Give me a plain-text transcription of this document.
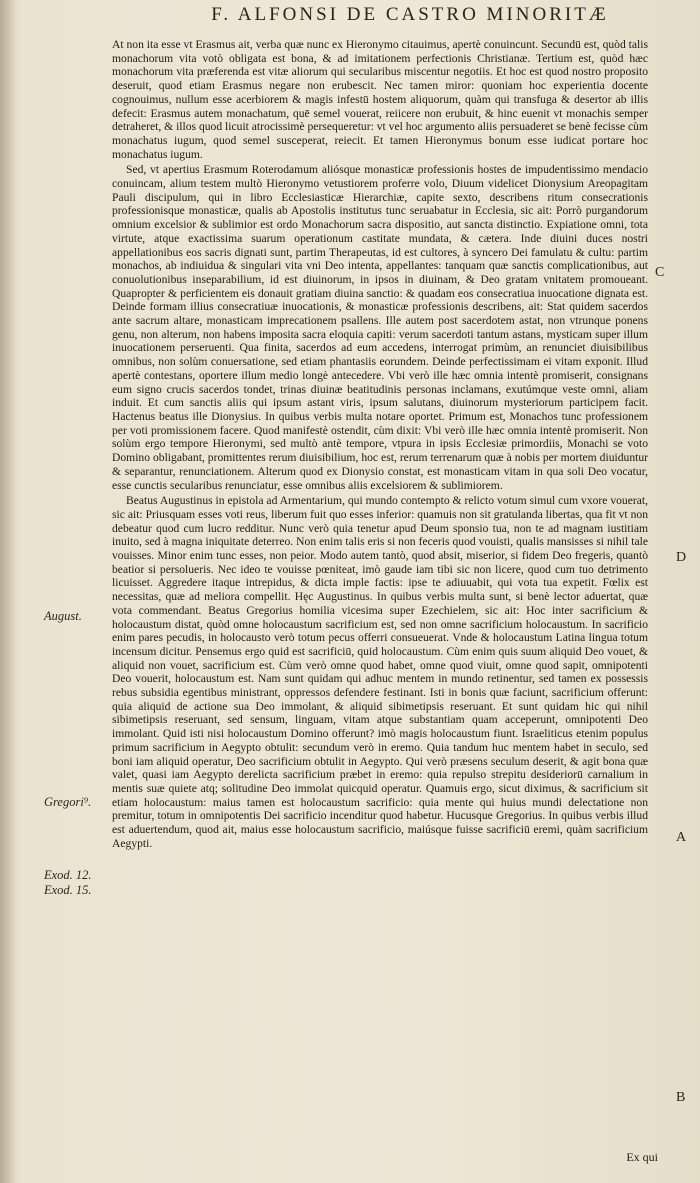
F. ALFONSI DE CASTRO MINORITÆ

At non ita esse vt Erasmus ait, verba quæ nunc ex Hieronymo citauimus, apertè conuincunt. Secundū est, quòd talis monachorum vita votò obligata est bona, & ad imitationem perfectionis Christianæ. Tertium est, quòd hæc monachorum vita præferenda est vitæ aliorum qui secularibus miscentur negotiis. Et hoc est quod nostro proposito deseruit, quod etiam Erasmus negare non erubescit. Nec tamen miror: quoniam hoc experientia docente cognouimus, nullum esse acerbiorem & magis infestū hostem aliquorum, quàm qui transfuga & desertor ab illis defecit: Erasmus autem monachatum, quē semel vouerat, reiicere non erubuit, & hinc euenit vt monachis semper detraheret, & illos quod licuit atrocissimè persequeretur: vt vel hoc argumento aliis persuaderet se benè fecisse cùm monachatus iugum, quod semel susceperat, reiecit. Et tamen Hieronymus bonum esse iudicat portare hoc monachatus iugum.

Sed, vt apertius Erasmum Roterodamum aliósque monasticæ professionis hostes de impudentissimo mendacio conuincam, alium testem multò Hieronymo vetustiorem proferre volo, Diuum videlicet Dionysium Areopagitam Pauli discipulum, qui in libro Ecclesiasticæ Hierarchiæ, capite sexto, describens ritum consecrationis professionisque monasticæ, qualis ab Apostolis institutus tunc seruabatur in Ecclesia, sic ait: Porrò purgandorum omnium excelsior & sublimior est ordo Monachorum sacra dispositio, aut sancta distinctio. Expiatione omni, tota virtute, atque exactissima suarum operationum castitate mundata, & cætera. Inde diuini duces nostri appellationibus eos sacris dignati sunt, partim Therapeutas, id est cultores, à syncero Dei famulatu & cultu: partim monachos, ab indiuidua & singulari vita vni Deo intenta, appellantes: tanquam quæ sanctis complicationibus, aut conuolutionibus inseparabilium, id est diuinorum, in ipsos in diuinam, & Deo gratam vnitatem promoueant. Quapropter & perficientem eis donauit gratiam diuina sanctio: & quadam eos consecratiua inuocatione dignata est. Deinde formam illius consecratiuæ inuocationis, & monasticæ professionis describens, ait: Stat quidem sacerdos ante sacrum altare, monasticam imprecationem psallens. Ille autem post sacerdotem astat, non vtrunque ponens genu, non alterum, non habens imposita sacra eloquia capiti: verum sacerdoti tantum astans, mysticam super illum inuocationem perseruenti. Qua finita, sacerdos ad eum accedens, interrogat primùm, an renunciet diuisibilibus omnibus, non solùm conuersatione, sed etiam phantasiis eorundem. Deinde perfectissimam ei vitam exponit. Illud apertè contestans, oportere illum medio longè antecedere. Vbi verò ille hæc omnia intentè promiserit, consignans eum signo crucis sacerdos tondet, trinas diuinæ beatitudinis personas inclamans, exutúmque veste omni, aliam induit. Et cum sanctis aliis qui ipsum astant viris, ipsum salutans, diuinorum mysteriorum participem facit. Hactenus beatus ille Dionysius. In quibus verbis multa notare oportet. Primum est, Monachos tunc professionem per voti promissionem facere. Quod manifestè ostendit, cùm dixit: Vbi verò ille hæc omnia intentè promiserit. Non solùm ergo tempore Hieronymi, sed multò antè tempore, vtpura in ipsis Ecclesiæ primordiis, Monachi se voto Domino obligabant, promittentes rerum diuisibilium, hoc est, rerum terrenarum quæ à nobis per mortem diuiduntur & separantur, renunciationem. Alterum quod ex Dionysio constat, est monasticam vitam in qua soli Deo vocatur, esse cunctis secularibus renunciatur, esse omnibus aliis excelsiorem & sublimiorem.

Beatus Augustinus in epistola ad Armentarium, qui mundo contempto & relicto votum simul cum vxore vouerat, sic ait: Priusquam esses voti reus, liberum fuit quo esses inferior: quamuis non sit gratulanda libertas, qua fit vt non debeatur quod cum lucro redditur. Nunc verò quia tenetur apud Deum sponsio tua, non te ad magnam iustitiam inuito, sed à magna iniquitate deterreo. Non enim talis eris si non feceris quod vouisti, qualis mansisses si nihil tale vouisses. Minor enim tunc esses, non peior. Modo autem tantò, quod absit, miserior, si fidem Deo fregeris, quantò beatior si persolueris. Nec ideo te vouisse pœniteat, imò gaude iam tibi sic non licere, quod cum tuo detrimento licuisset. Aggredere itaque intrepidus, & dicta imple factis: ipse te adiuuabit, qui vota tua expetit. Fœlix est necessitas, quæ ad meliora compellit. Hęc Augustinus. In quibus verbis multa sunt, si benè lector aduertat, quæ vota commendant. Beatus Gregorius homilia vicesima super Ezechielem, sic ait: Hoc inter sacrificium & holocaustum distat, quòd omne holocaustum sacrificium est, sed non omne sacrificium holocaustum. In sacrificio enim pares pecudis, in holocausto verò totum pecus offerri consueuerat. Vnde & holocaustum Latina lingua totum incensum dicitur. Pensemus ergo quid est sacrificiū, quid holocaustum. Cùm enim quis suum aliquid Deo vouet, & aliquid non vouet, sacrificium est. Cùm verò omne quod habet, omne quod viuit, omne quod sapit, omnipotenti Deo vouerit, holocaustum est. Nam sunt quidam qui adhuc mentem in mundo retinentur, sed tamen ex possessis rebus subsidia egentibus ministrant, oppressos defendere festinant. Isti in bonis quæ faciunt, sacrificium offerunt: quia aliquid de actione sua Deo immolant, & aliquid sibimetipsis reseruant. Et sunt quidam hic qui nihil sibimetipsis reseruant, sed sensum, linguam, vitam atque substantiam quam acceperunt, omnipotenti Deo immolant. Quid isti nisi holocaustum Domino offerunt? imò magis holocaustum fiunt. Israeliticus etenim populus primum sacrificium in Aegypto obtulit: secundum verò in eremo. Quia tandum huc mentem habet in seculo, sed boni iam aliquid operatur, Deo sacrificium obtulit in Aegypto. Qui verò præsens seculum deserit, & agit bona quæ valet, quasi iam Aegypto derelicta sacrificium præbet in eremo: quia repulso strepitu desideriorū carnalium in mentis suæ quiete atq; solitudine Deo immolat quicquid operatur. Quamuis ergo, sicut diximus, & sacrificium sit etiam holocaustum: maius tamen est holocaustum sacrificio: quia mente qui huius mundi delectatione non premitur, totum in omnipotentis Dei sacrificio incenditur quod habetur. Hucusque Gregorius. In quibus verbis illud est aduertendum, quod ait, maius esse holocaustum sacrificio, maiúsque fuisse sacrificiū eremi, quàm sacrificium Aegypti.

August.
Gregori⁹.
Exod. 12.
Exod. 15.
C
D
A
B
Ex qui
